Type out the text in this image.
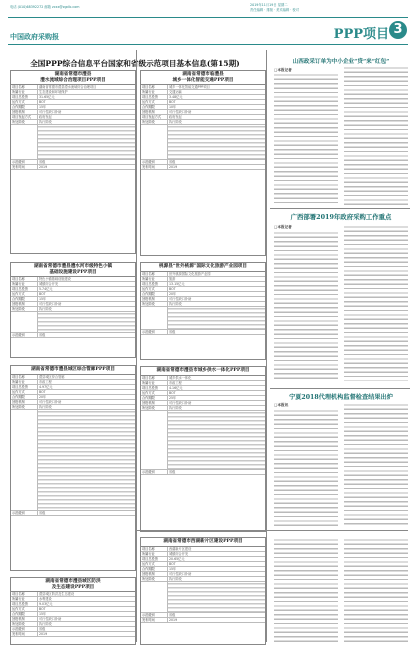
电话 (010)68392272 邮箱 zcxx@zgclb.com	2019年11月19日 星期二
责任编辑 · 排版 · 美术编辑 · 校对
中国政府采购报	PPP项目 3
全国PPP综合信息平台国家和省级示范项目基本信息(第15期)
湖南省常德市澧县
澧水流域综合治理项目PPP项目
项目名称	湖南省常德市澧县澧水流域综合治理项目
所属行业	生态建设和环境保护
项目总投资	31.65亿元
运作方式	BOT
合作期限	15年
回报机制	可行性缺口补助
项目发起方式	政府发起
所处阶段	执行阶段
示范级别	省级
发布时间	2019
湖南省常德市临澧县
城乡一体化智能交通PPP项目
项目名称	城乡一体化智能交通PPP项目
所属行业	交通运输
项目总投资	3.48亿元
运作方式	BOT
合作期限	10年
回报机制	可行性缺口补助
项目发起方式	政府发起
所处阶段	执行阶段
示范级别	省级
发布时间	2019
湖南省常德市澧县澧水河市级特色小镇
基础设施建设PPP项目
项目名称	特色小镇基础设施建设
所属行业	城镇综合开发
项目总投资	5.74亿元
运作方式	BOT
合作期限	15年
回报机制	可行性缺口补助
所处阶段	执行阶段
示范级别	省级
桃源县“世外桃源”国际文化旅游产业园项目
项目名称	世外桃源国际文化旅游产业园
所属行业	旅游
项目总投资	13.15亿元
运作方式	BOT
合作期限	20年
回报机制	可行性缺口补助
所处阶段	执行阶段
示范级别	省级
湖南省常德市澧县城区综合管廊PPP项目
项目名称	澧县城区综合管廊
所属行业	市政工程
项目总投资	4.97亿元
运作方式	BOT
合作期限	20年
回报机制	可行性缺口补助
所处阶段	执行阶段
示范级别	省级
湖南省常德市澧县市城乡供水一体化PPP项目
项目名称	城乡供水一体化
所属行业	市政工程
项目总投资	4.16亿元
运作方式	BOT
合作期限	25年
回报机制	可行性缺口补助
所处阶段	执行阶段
示范级别	省级
湖南省常德市澧县城区防洪
及生态建设PPP项目
项目名称	澧县城区防洪及生态建设
所属行业	水利建设
项目总投资	9.03亿元
运作方式	BOT
合作期限	15年
回报机制	可行性缺口补助
所处阶段	执行阶段
示范级别	省级
发布时间	2019
湖南省常德市西湖新片区建设PPP项目
项目名称	西湖新片区建设
所属行业	城镇综合开发
项目总投资	20.65亿元
运作方式	BOT
合作期限	15年
回报机制	可行性缺口补助
所处阶段	执行阶段
示范级别	省级
发布时间	2019
山西政采订单为中小企业“贷”来“红包”
□本报记者
广西部署2019年政府采购工作重点
□本报记者
宁夏2018代理机构监督检查结果出炉
□本报讯
